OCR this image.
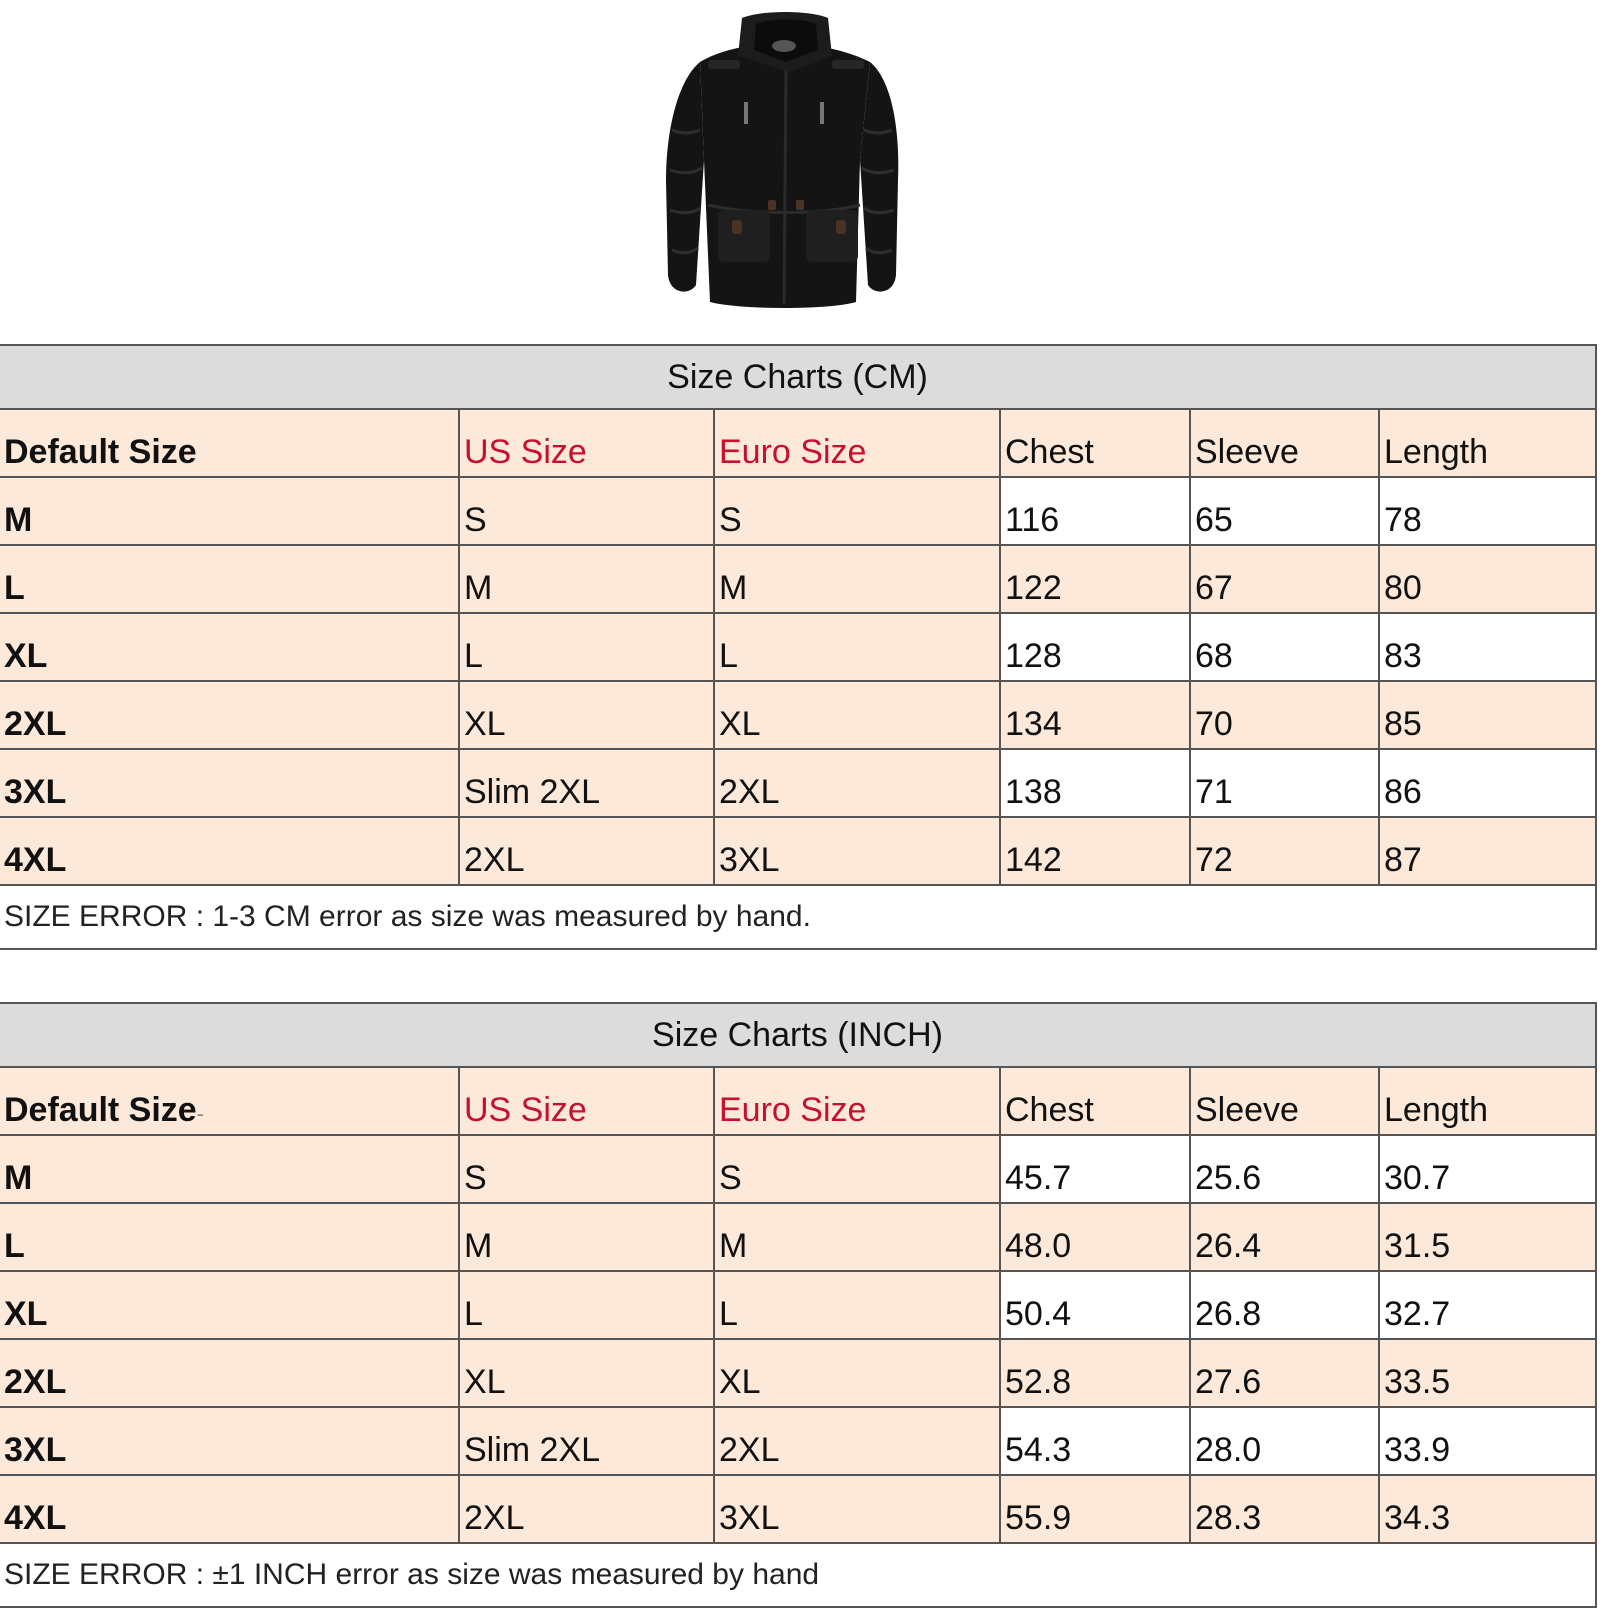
Size Charts (CM)					
Default Size	US Size	Euro Size	Chest	Sleeve	Length
M	S	S	116	65	78
L	M	M	122	67	80
XL	L	L	128	68	83
2XL	XL	XL	134	70	85
3XL	Slim 2XL	2XL	138	71	86
4XL	2XL	3XL	142	72	87
SIZE ERROR : 1-3 CM error as size was measured by hand.					
Size Charts (INCH)					
Default Size-	US Size	Euro Size	Chest	Sleeve	Length
M	S	S	45.7	25.6	30.7
L	M	M	48.0	26.4	31.5
XL	L	L	50.4	26.8	32.7
2XL	XL	XL	52.8	27.6	33.5
3XL	Slim 2XL	2XL	54.3	28.0	33.9
4XL	2XL	3XL	55.9	28.3	34.3
SIZE ERROR : ±1 INCH error as size was measured by hand					
